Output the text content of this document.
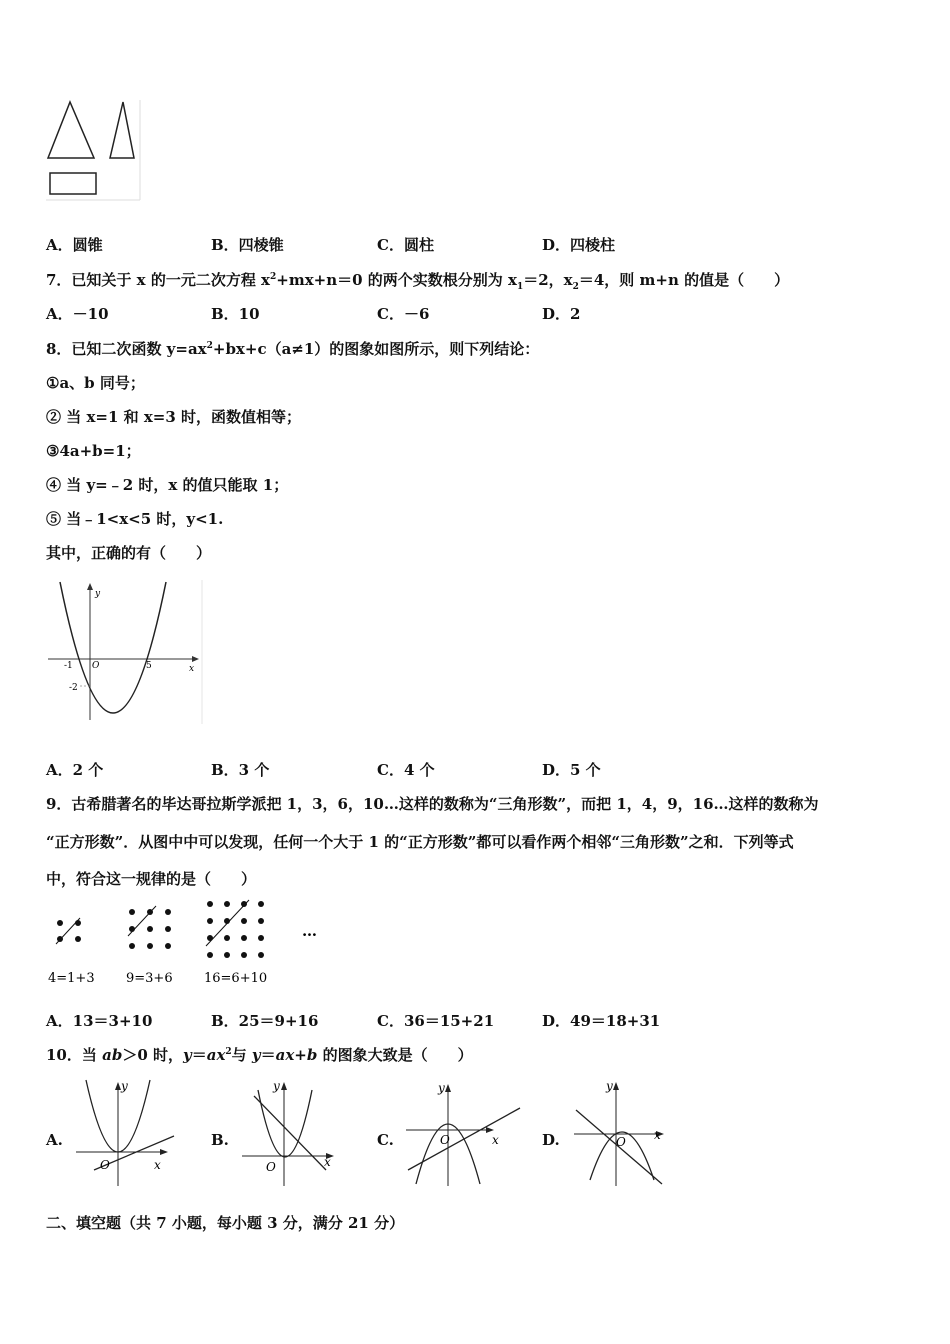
A．圆锥	B．四棱锥	C．圆柱	D．四棱柱
7．已知关于 x 的一元二次方程 $x^2+mx+n=0$ 的两个实数根分别为 $x_1=2$，$x_2=4$，则 m+n 的值是（　　）
A．－10	B．10	C．－6	D．2
8．已知二次函数 $y=ax^2+bx+c(a\ne 1)$的图象如图所示，则下列结论：
①a、b 同号；
② 当 x=1 和 x=3 时，函数值相等；
③4a+b=1；
④ 当 y=﹣2 时，x 的值只能取 1；
⑤ 当﹣1<x<5 时，y<1.
其中，正确的有（　　）
y
x
-1 O	5
-2
A．2 个	B．3 个	C．4 个	D．5 个
9．古希腊著名的毕达哥拉斯学派把 1，3，6，10…这样的数称为“三角形数”，而把 1，4，9，16…这样的数称为
“正方形数”．从图中中可以发现，任何一个大于 1 的“正方形数”都可以看作两个相邻“三角形数”之和．下列等式
中，符合这一规律的是（　　）
…
4=1+3 9=3+6 16=6+10
A．13＝3+10	B．25＝9+16	C．36＝15+21	D．49＝18+31
10．当 ab＞0 时，$y=ax^2$与 y＝ax+b 的图象大致是（　　）
A.
y
x
O
B.
y
x
O
C.
y
x
O	D.
y
x
O
二、填空题（共 7 小题，每小题 3 分，满分 21 分）
